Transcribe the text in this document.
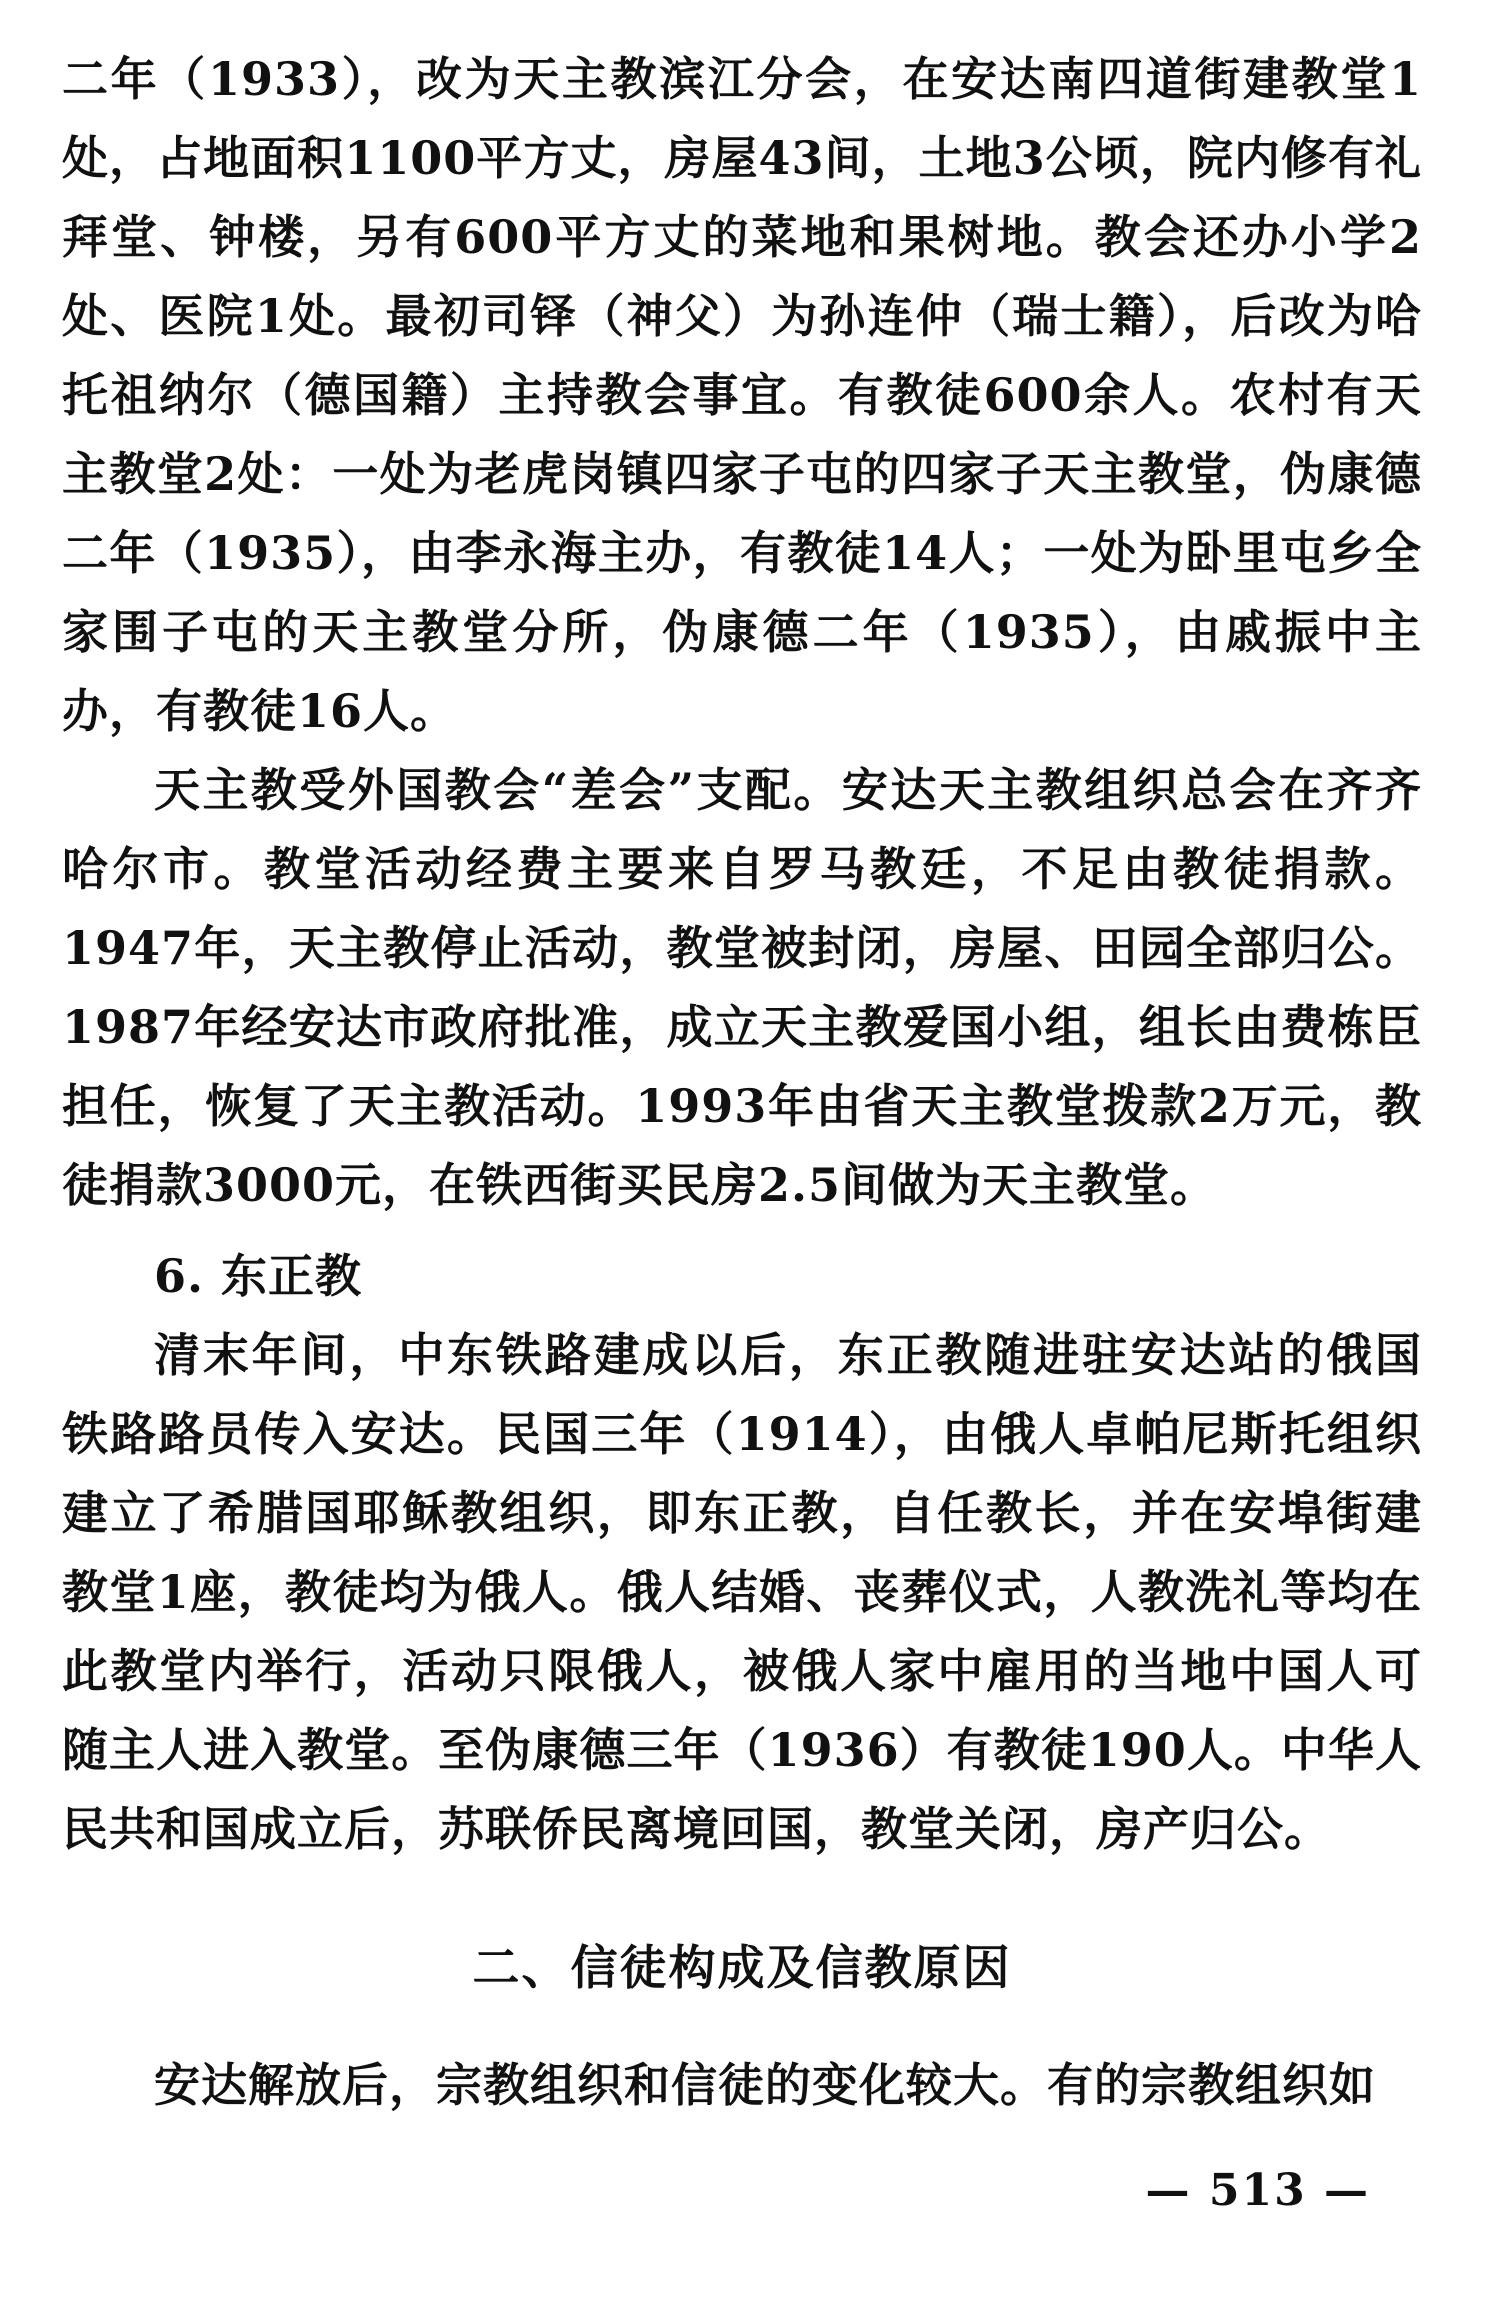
二年（1933），改为天主教滨江分会，在安达南四道街建教堂1处，占地面积1100平方丈，房屋43间，土地3公顷，院内修有礼拜堂、钟楼，另有600平方丈的菜地和果树地。教会还办小学2处、医院1处。最初司铎（神父）为孙连仲（瑞士籍），后改为哈托祖纳尔（德国籍）主持教会事宜。有教徒600余人。农村有天主教堂2处：一处为老虎岗镇四家子屯的四家子天主教堂，伪康德二年（1935），由李永海主办，有教徒14人；一处为卧里屯乡全家围子屯的天主教堂分所，伪康德二年（1935），由戚振中主办，有教徒16人。

天主教受外国教会“差会”支配。安达天主教组织总会在齐齐哈尔市。教堂活动经费主要来自罗马教廷，不足由教徒捐款。1947年，天主教停止活动，教堂被封闭，房屋、田园全部归公。1987年经安达市政府批准，成立天主教爱国小组，组长由费栋臣担任，恢复了天主教活动。1993年由省天主教堂拨款2万元，教徒捐款3000元，在铁西街买民房2.5间做为天主教堂。

6. 东正教

清末年间，中东铁路建成以后，东正教随进驻安达站的俄国铁路路员传入安达。民国三年（1914），由俄人卓帕尼斯托组织建立了希腊国耶稣教组织，即东正教，自任教长，并在安埠街建教堂1座，教徒均为俄人。俄人结婚、丧葬仪式，人教洗礼等均在此教堂内举行，活动只限俄人，被俄人家中雇用的当地中国人可随主人进入教堂。至伪康德三年（1936）有教徒190人。中华人民共和国成立后，苏联侨民离境回国，教堂关闭，房产归公。

二、信徒构成及信教原因

安达解放后，宗教组织和信徒的变化较大。有的宗教组织如

— 513 —
